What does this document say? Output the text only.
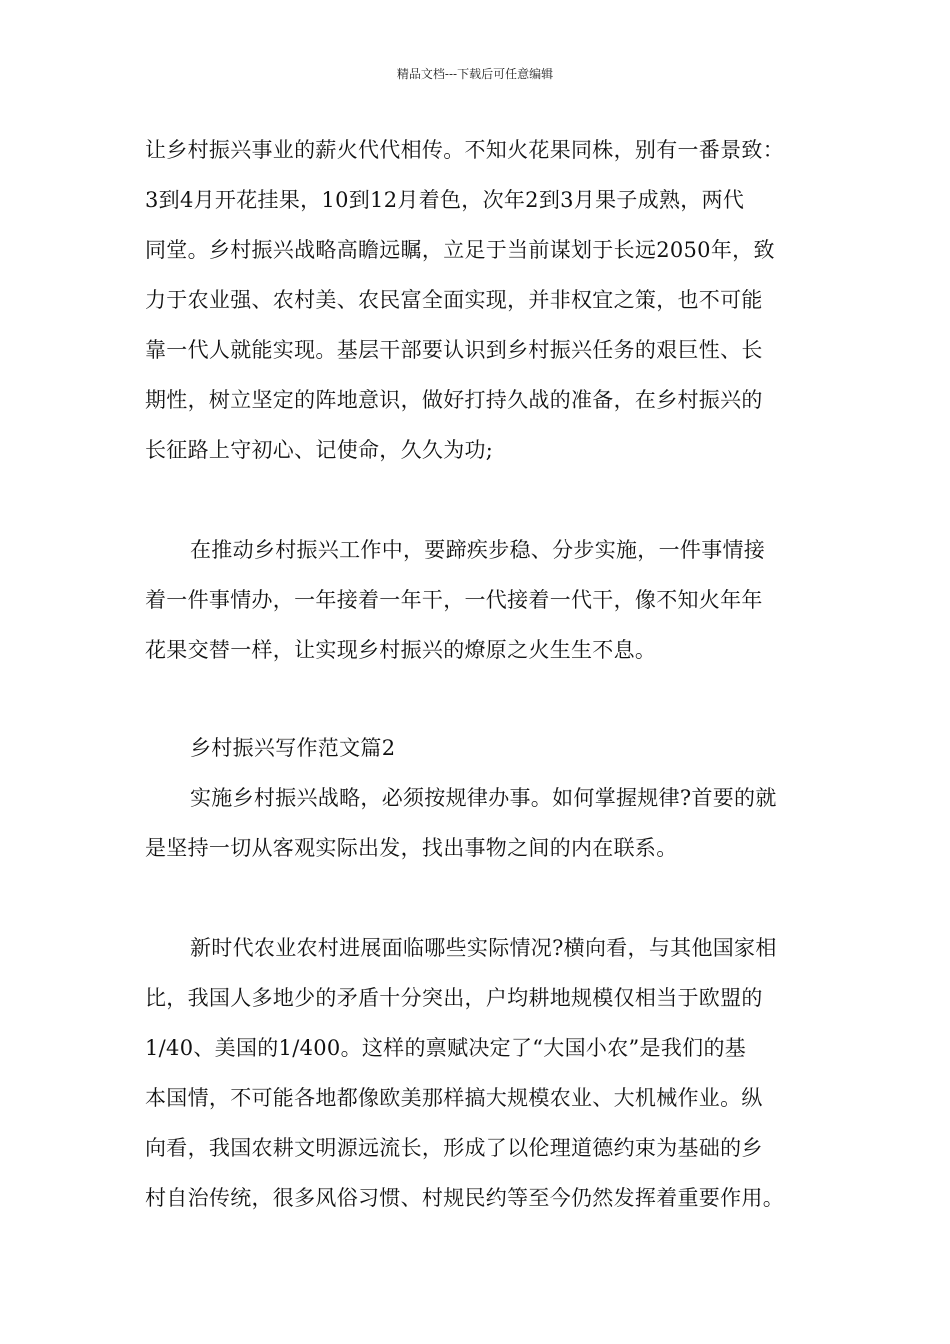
精品文档---下载后可任意编辑
让乡村振兴事业的薪火代代相传。不知火花果同株，别有一番景致：
3到4月开花挂果，10到12月着色，次年2到3月果子成熟，两代
同堂。乡村振兴战略高瞻远瞩，立足于当前谋划于长远2050年，致
力于农业强、农村美、农民富全面实现，并非权宜之策，也不可能
靠一代人就能实现。基层干部要认识到乡村振兴任务的艰巨性、长
期性，树立坚定的阵地意识，做好打持久战的准备，在乡村振兴的
长征路上守初心、记使命，久久为功;
在推动乡村振兴工作中，要蹄疾步稳、分步实施，一件事情接
着一件事情办，一年接着一年干，一代接着一代干，像不知火年年
花果交替一样，让实现乡村振兴的燎原之火生生不息。
乡村振兴写作范文篇2
实施乡村振兴战略，必须按规律办事。如何掌握规律?首要的就
是坚持一切从客观实际出发，找出事物之间的内在联系。
新时代农业农村进展面临哪些实际情况?横向看，与其他国家相
比，我国人多地少的矛盾十分突出，户均耕地规模仅相当于欧盟的
1/40、美国的1/400。这样的禀赋决定了“大国小农”是我们的基
本国情，不可能各地都像欧美那样搞大规模农业、大机械作业。纵
向看，我国农耕文明源远流长，形成了以伦理道德约束为基础的乡
村自治传统，很多风俗习惯、村规民约等至今仍然发挥着重要作用。
